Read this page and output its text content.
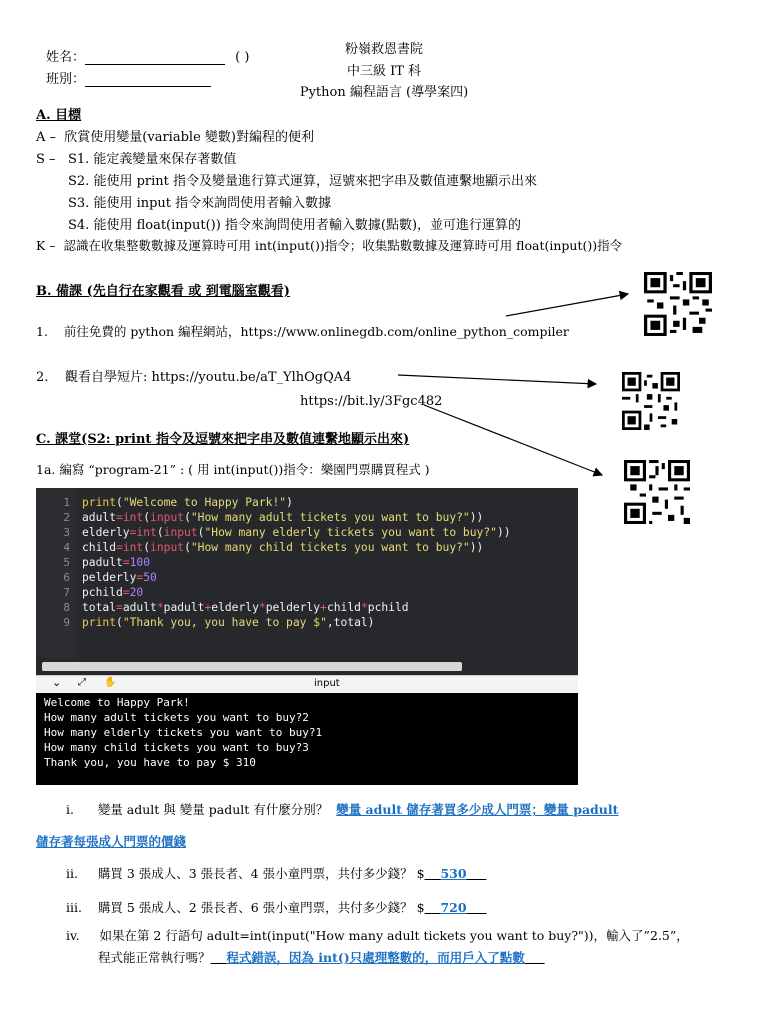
姓名：	( )
班別：
粉嶺救恩書院
中三級 IT 科
Python 編程語言 (導學案四)
A. 目標
A – 欣賞使用變量(variable 變數)對編程的便利
S – S1. 能定義變量來保存著數值
S2. 能使用 print 指令及變量進行算式運算，逗號來把字串及數值連繫地顯示出來
S3. 能使用 input 指令來詢問使用者輸入數據
S4. 能使用 float(input()) 指令來詢問使用者輸入數據(點數)，並可進行運算的
K – 認識在收集整數數據及運算時可用 int(input())指令；收集點數數據及運算時可用 float(input())指令
B. 備課 (先自行在家觀看 或 到電腦室觀看)
1. 前往免費的 python 編程網站，https://www.onlinegdb.com/online_python_compiler
2. 觀看自學短片: https://youtu.be/aT_YlhOgQA4
https://bit.ly/3Fgc482
C. 課堂(S2: print 指令及逗號來把字串及數值連繫地顯示出來)
1a. 編寫 “program-21” : ( 用 int(input())指令：樂園門票購買程式 )
1
2
3
4
5
6
7
8
9
print("Welcome to Happy Park!")
adult=int(input("How many adult tickets you want to buy?"))
elderly=int(input("How many elderly tickets you want to buy?"))
child=int(input("How many child tickets you want to buy?"))
padult=100
pelderly=50
pchild=20
total=adult*padult+elderly*pelderly+child*pchild
print("Thank you, you have to pay $",total)
⌄ ⤢ ✋	input
Welcome to Happy Park!
How many adult tickets you want to buy?2
How many elderly tickets you want to buy?1
How many child tickets you want to buy?3
Thank you, you have to pay $ 310
i. 變量 adult 與 變量 padult 有什麼分別？ 變量 adult 儲存著買多少成人門票；變量 padult
儲存著每張成人門票的價錢
ii. 購買 3 張成人、3 張長者、4 張小童門票，共付多少錢？ $ 530
iii. 購買 5 張成人、2 張長者、6 張小童門票，共付多少錢？ $ 720
iv. 如果在第 2 行語句 adult=int(input("How many adult tickets you want to buy?"))，輸入了”2.5”，
程式能正常執行嗎？ 程式錯誤，因為 int()只處理整數的，而用戶入了點數
